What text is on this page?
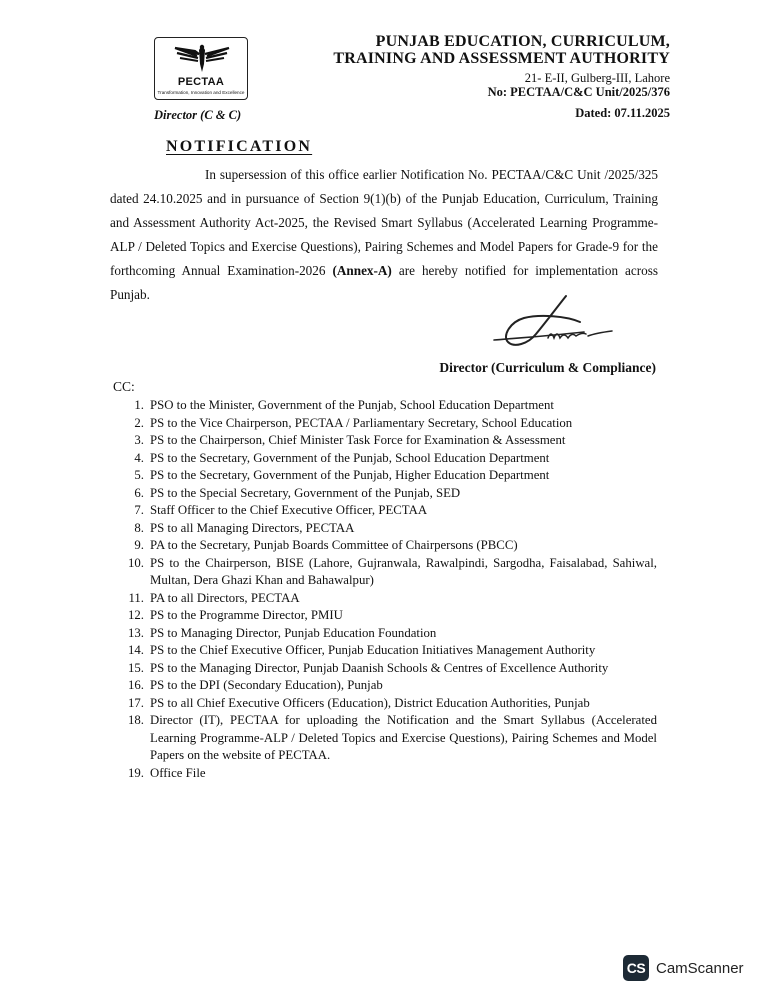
PECTAA
Transformation, Innovation and Excellence
Director (C & C)
PUNJAB EDUCATION, CURRICULUM,
TRAINING AND ASSESSMENT AUTHORITY
21- E-II, Gulberg-III, Lahore
No: PECTAA/C&C Unit/2025/376
Dated: 07.11.2025
NOTIFICATION
In supersession of this office earlier Notification No. PECTAA/C&C Unit /2025/325 dated 24.10.2025 and in pursuance of Section 9(1)(b) of the Punjab Education, Curriculum, Training and Assessment Authority Act-2025, the Revised Smart Syllabus (Accelerated Learning Programme-ALP / Deleted Topics and Exercise Questions), Pairing Schemes and Model Papers for Grade-9 for the forthcoming Annual Examination-2026 (Annex-A) are hereby notified for implementation across Punjab.
Director (Curriculum & Compliance)
CC:
1. PSO to the Minister, Government of the Punjab, School Education Department
2. PS to the Vice Chairperson, PECTAA / Parliamentary Secretary, School Education
3. PS to the Chairperson, Chief Minister Task Force for Examination & Assessment
4. PS to the Secretary, Government of the Punjab, School Education Department
5. PS to the Secretary, Government of the Punjab, Higher Education Department
6. PS to the Special Secretary, Government of the Punjab, SED
7. Staff Officer to the Chief Executive Officer, PECTAA
8. PS to all Managing Directors, PECTAA
9. PA to the Secretary, Punjab Boards Committee of Chairpersons (PBCC)
10. PS to the Chairperson, BISE (Lahore, Gujranwala, Rawalpindi, Sargodha, Faisalabad, Sahiwal, Multan, Dera Ghazi Khan and Bahawalpur)
11. PA to all Directors, PECTAA
12. PS to the Programme Director, PMIU
13. PS to Managing Director, Punjab Education Foundation
14. PS to the Chief Executive Officer, Punjab Education Initiatives Management Authority
15. PS to the Managing Director, Punjab Daanish Schools & Centres of Excellence Authority
16. PS to the DPI (Secondary Education), Punjab
17. PS to all Chief Executive Officers (Education), District Education Authorities, Punjab
18. Director (IT), PECTAA for uploading the Notification and the Smart Syllabus (Accelerated Learning Programme-ALP / Deleted Topics and Exercise Questions), Pairing Schemes and Model Papers on the website of PECTAA.
19. Office File
CS CamScanner
